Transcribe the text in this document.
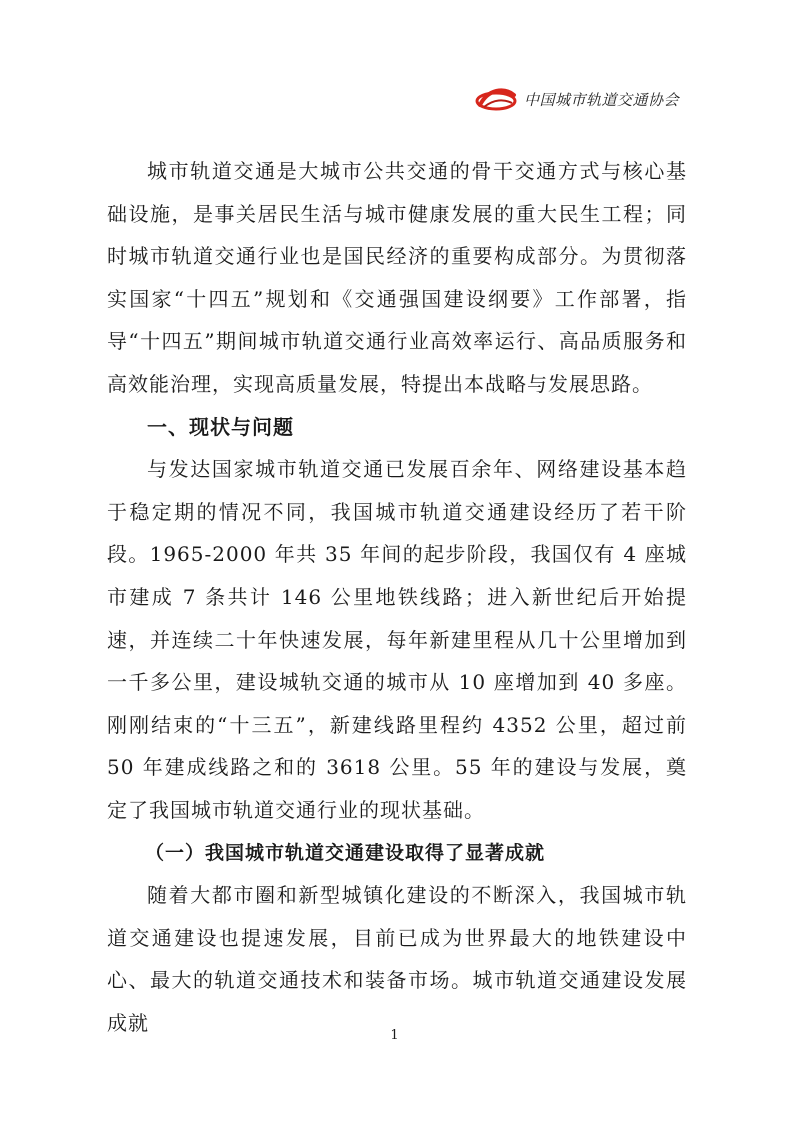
中国城市轨道交通协会

城市轨道交通是大城市公共交通的骨干交通方式与核心基础设施，是事关居民生活与城市健康发展的重大民生工程；同时城市轨道交通行业也是国民经济的重要构成部分。为贯彻落实国家“十四五”规划和《交通强国建设纲要》工作部署，指导“十四五”期间城市轨道交通行业高效率运行、高品质服务和高效能治理，实现高质量发展，特提出本战略与发展思路。

一、现状与问题

与发达国家城市轨道交通已发展百余年、网络建设基本趋于稳定期的情况不同，我国城市轨道交通建设经历了若干阶段。1965-2000 年共 35 年间的起步阶段，我国仅有 4 座城市建成 7 条共计 146 公里地铁线路；进入新世纪后开始提速，并连续二十年快速发展，每年新建里程从几十公里增加到一千多公里，建设城轨交通的城市从 10 座增加到 40 多座。刚刚结束的“十三五”，新建线路里程约 4352 公里，超过前 50 年建成线路之和的 3618 公里。55 年的建设与发展，奠定了我国城市轨道交通行业的现状基础。

（一）我国城市轨道交通建设取得了显著成就

随着大都市圈和新型城镇化建设的不断深入，我国城市轨道交通建设也提速发展，目前已成为世界最大的地铁建设中心、最大的轨道交通技术和装备市场。城市轨道交通建设发展成就

1
